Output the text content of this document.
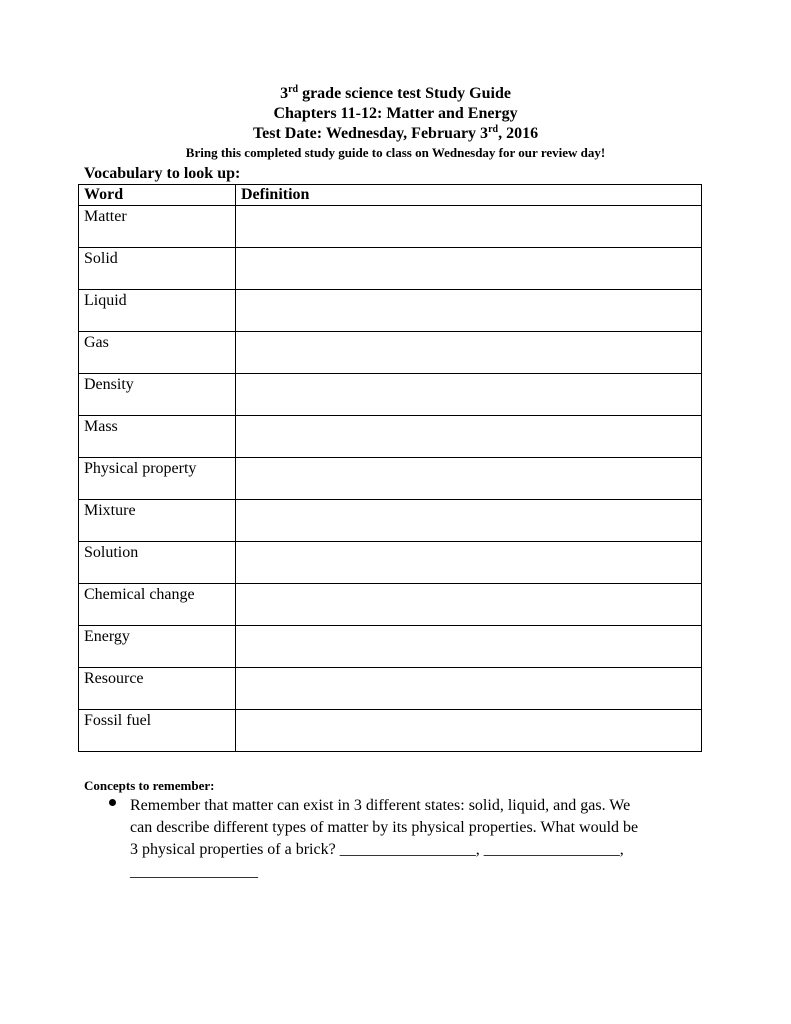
3rd grade science test Study Guide
Chapters 11-12: Matter and Energy
Test Date: Wednesday, February 3rd, 2016
Bring this completed study guide to class on Wednesday for our review day!
Vocabulary to look up:
Word	Definition
Matter	
Solid	
Liquid	
Gas	
Density	
Mass	
Physical property	
Mixture	
Solution	
Chemical change	
Energy	
Resource	
Fossil fuel	
Concepts to remember:
Remember that matter can exist in 3 different states: solid, liquid, and gas. We
can describe different types of matter by its physical properties. What would be
3 physical properties of a brick? _________________, _________________,
________________
